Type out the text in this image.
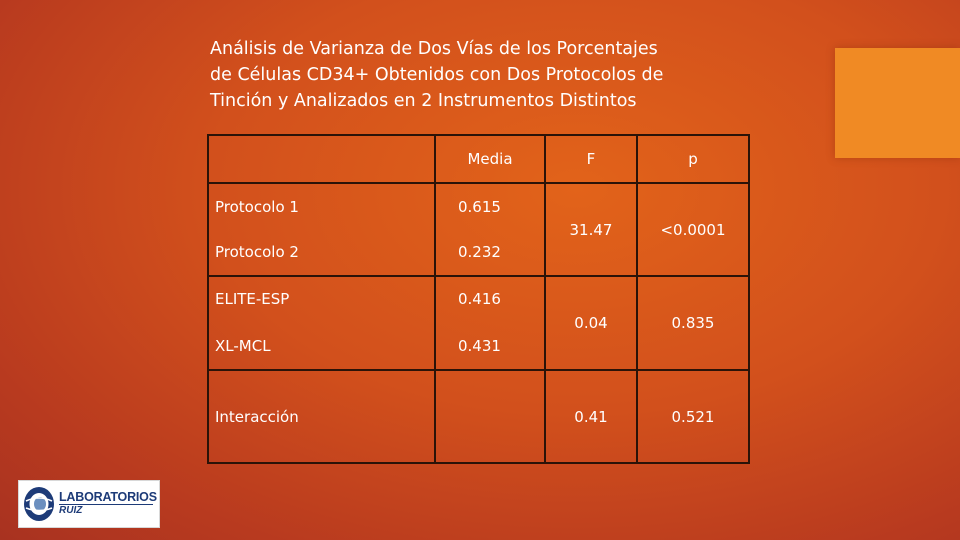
Análisis de Varianza de Dos Vías de los Porcentajes
de Células CD34+ Obtenidos con Dos Protocolos de
Tinción y Analizados en 2 Instrumentos Distintos
	Media	F	p
Protocolo 1	0.615	31.47	<0.0001
Protocolo 2	0.232		
ELITE-ESP	0.416	0.04	0.835
XL-MCL	0.431		
Interacción		0.41	0.521
LABORATORIOS
RUIZ
